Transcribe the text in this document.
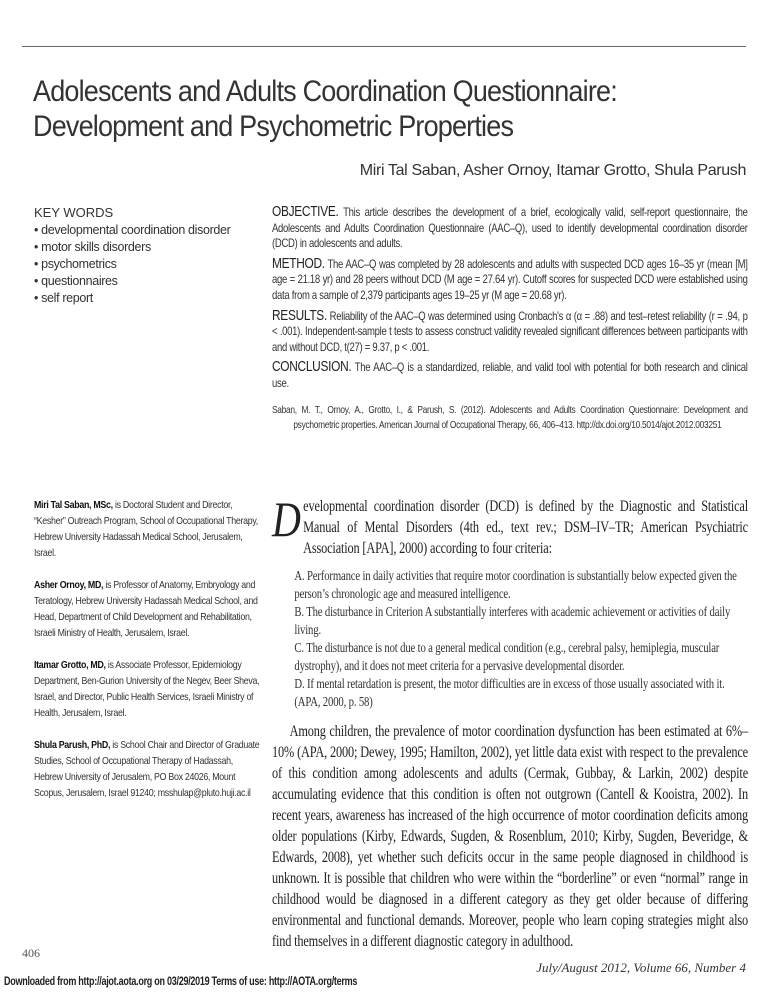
Adolescents and Adults Coordination Questionnaire: Development and Psychometric Properties
Miri Tal Saban, Asher Ornoy, Itamar Grotto, Shula Parush
KEY WORDS
• developmental coordination disorder
• motor skills disorders
• psychometrics
• questionnaires
• self report

OBJECTIVE. This article describes the development of a brief, ecologically valid, self-report questionnaire, the Adolescents and Adults Coordination Questionnaire (AAC–Q), used to identify developmental coordination disorder (DCD) in adolescents and adults.

METHOD. The AAC–Q was completed by 28 adolescents and adults with suspected DCD ages 16–35 yr (mean [M] age = 21.18 yr) and 28 peers without DCD (M age = 27.64 yr). Cutoff scores for suspected DCD were established using data from a sample of 2,379 participants ages 19–25 yr (M age = 20.68 yr).

RESULTS. Reliability of the AAC–Q was determined using Cronbach's α (α = .88) and test–retest reliability (r = .94, p < .001). Independent-sample t tests to assess construct validity revealed significant differences between participants with and without DCD, t(27) = 9.37, p < .001.

CONCLUSION. The AAC–Q is a standardized, reliable, and valid tool with potential for both research and clinical use.

Saban, M. T., Ornoy, A., Grotto, I., & Parush, S. (2012). Adolescents and Adults Coordination Questionnaire: Development and psychometric properties. American Journal of Occupational Therapy, 66, 406–413. http://dx.doi.org/10.5014/ajot.2012.003251

Miri Tal Saban, MSc, is Doctoral Student and Director, “Kesher” Outreach Program, School of Occupational Therapy, Hebrew University Hadassah Medical School, Jerusalem, Israel.

Asher Ornoy, MD, is Professor of Anatomy, Embryology and Teratology, Hebrew University Hadassah Medical School, and Head, Department of Child Development and Rehabilitation, Israeli Ministry of Health, Jerusalem, Israel.

Itamar Grotto, MD, is Associate Professor, Epidemiology Department, Ben-Gurion University of the Negev, Beer Sheva, Israel, and Director, Public Health Services, Israeli Ministry of Health, Jerusalem, Israel.

Shula Parush, PhD, is School Chair and Director of Graduate Studies, School of Occupational Therapy of Hadassah, Hebrew University of Jerusalem, PO Box 24026, Mount Scopus, Jerusalem, Israel 91240; msshulap@pluto.huji.ac.il

Developmental coordination disorder (DCD) is defined by the Diagnostic and Statistical Manual of Mental Disorders (4th ed., text rev.; DSM–IV–TR; American Psychiatric Association [APA], 2000) according to four criteria:

A. Performance in daily activities that require motor coordination is substantially below expected given the person’s chronologic age and measured intelligence.
B. The disturbance in Criterion A substantially interferes with academic achievement or activities of daily living.
C. The disturbance is not due to a general medical condition (e.g., cerebral palsy, hemiplegia, muscular dystrophy), and it does not meet criteria for a pervasive developmental disorder.
D. If mental retardation is present, the motor difficulties are in excess of those usually associated with it. (APA, 2000, p. 58)

Among children, the prevalence of motor coordination dysfunction has been estimated at 6%–10% (APA, 2000; Dewey, 1995; Hamilton, 2002), yet little data exist with respect to the prevalence of this condition among adolescents and adults (Cermak, Gubbay, & Larkin, 2002) despite accumulating evidence that this condition is often not outgrown (Cantell & Kooistra, 2002). In recent years, awareness has increased of the high occurrence of motor coordination deficits among older populations (Kirby, Edwards, Sugden, & Rosenblum, 2010; Kirby, Sugden, Beveridge, & Edwards, 2008), yet whether such deficits occur in the same people diagnosed in childhood is unknown. It is possible that children who were within the “borderline” or even “normal” range in childhood would be diagnosed in a different category as they get older because of differing environmental and functional demands. Moreover, people who learn coping strategies might also find themselves in a different diagnostic category in adulthood.

406
July/August 2012, Volume 66, Number 4
Downloaded from http://ajot.aota.org on 03/29/2019 Terms of use: http://AOTA.org/terms
